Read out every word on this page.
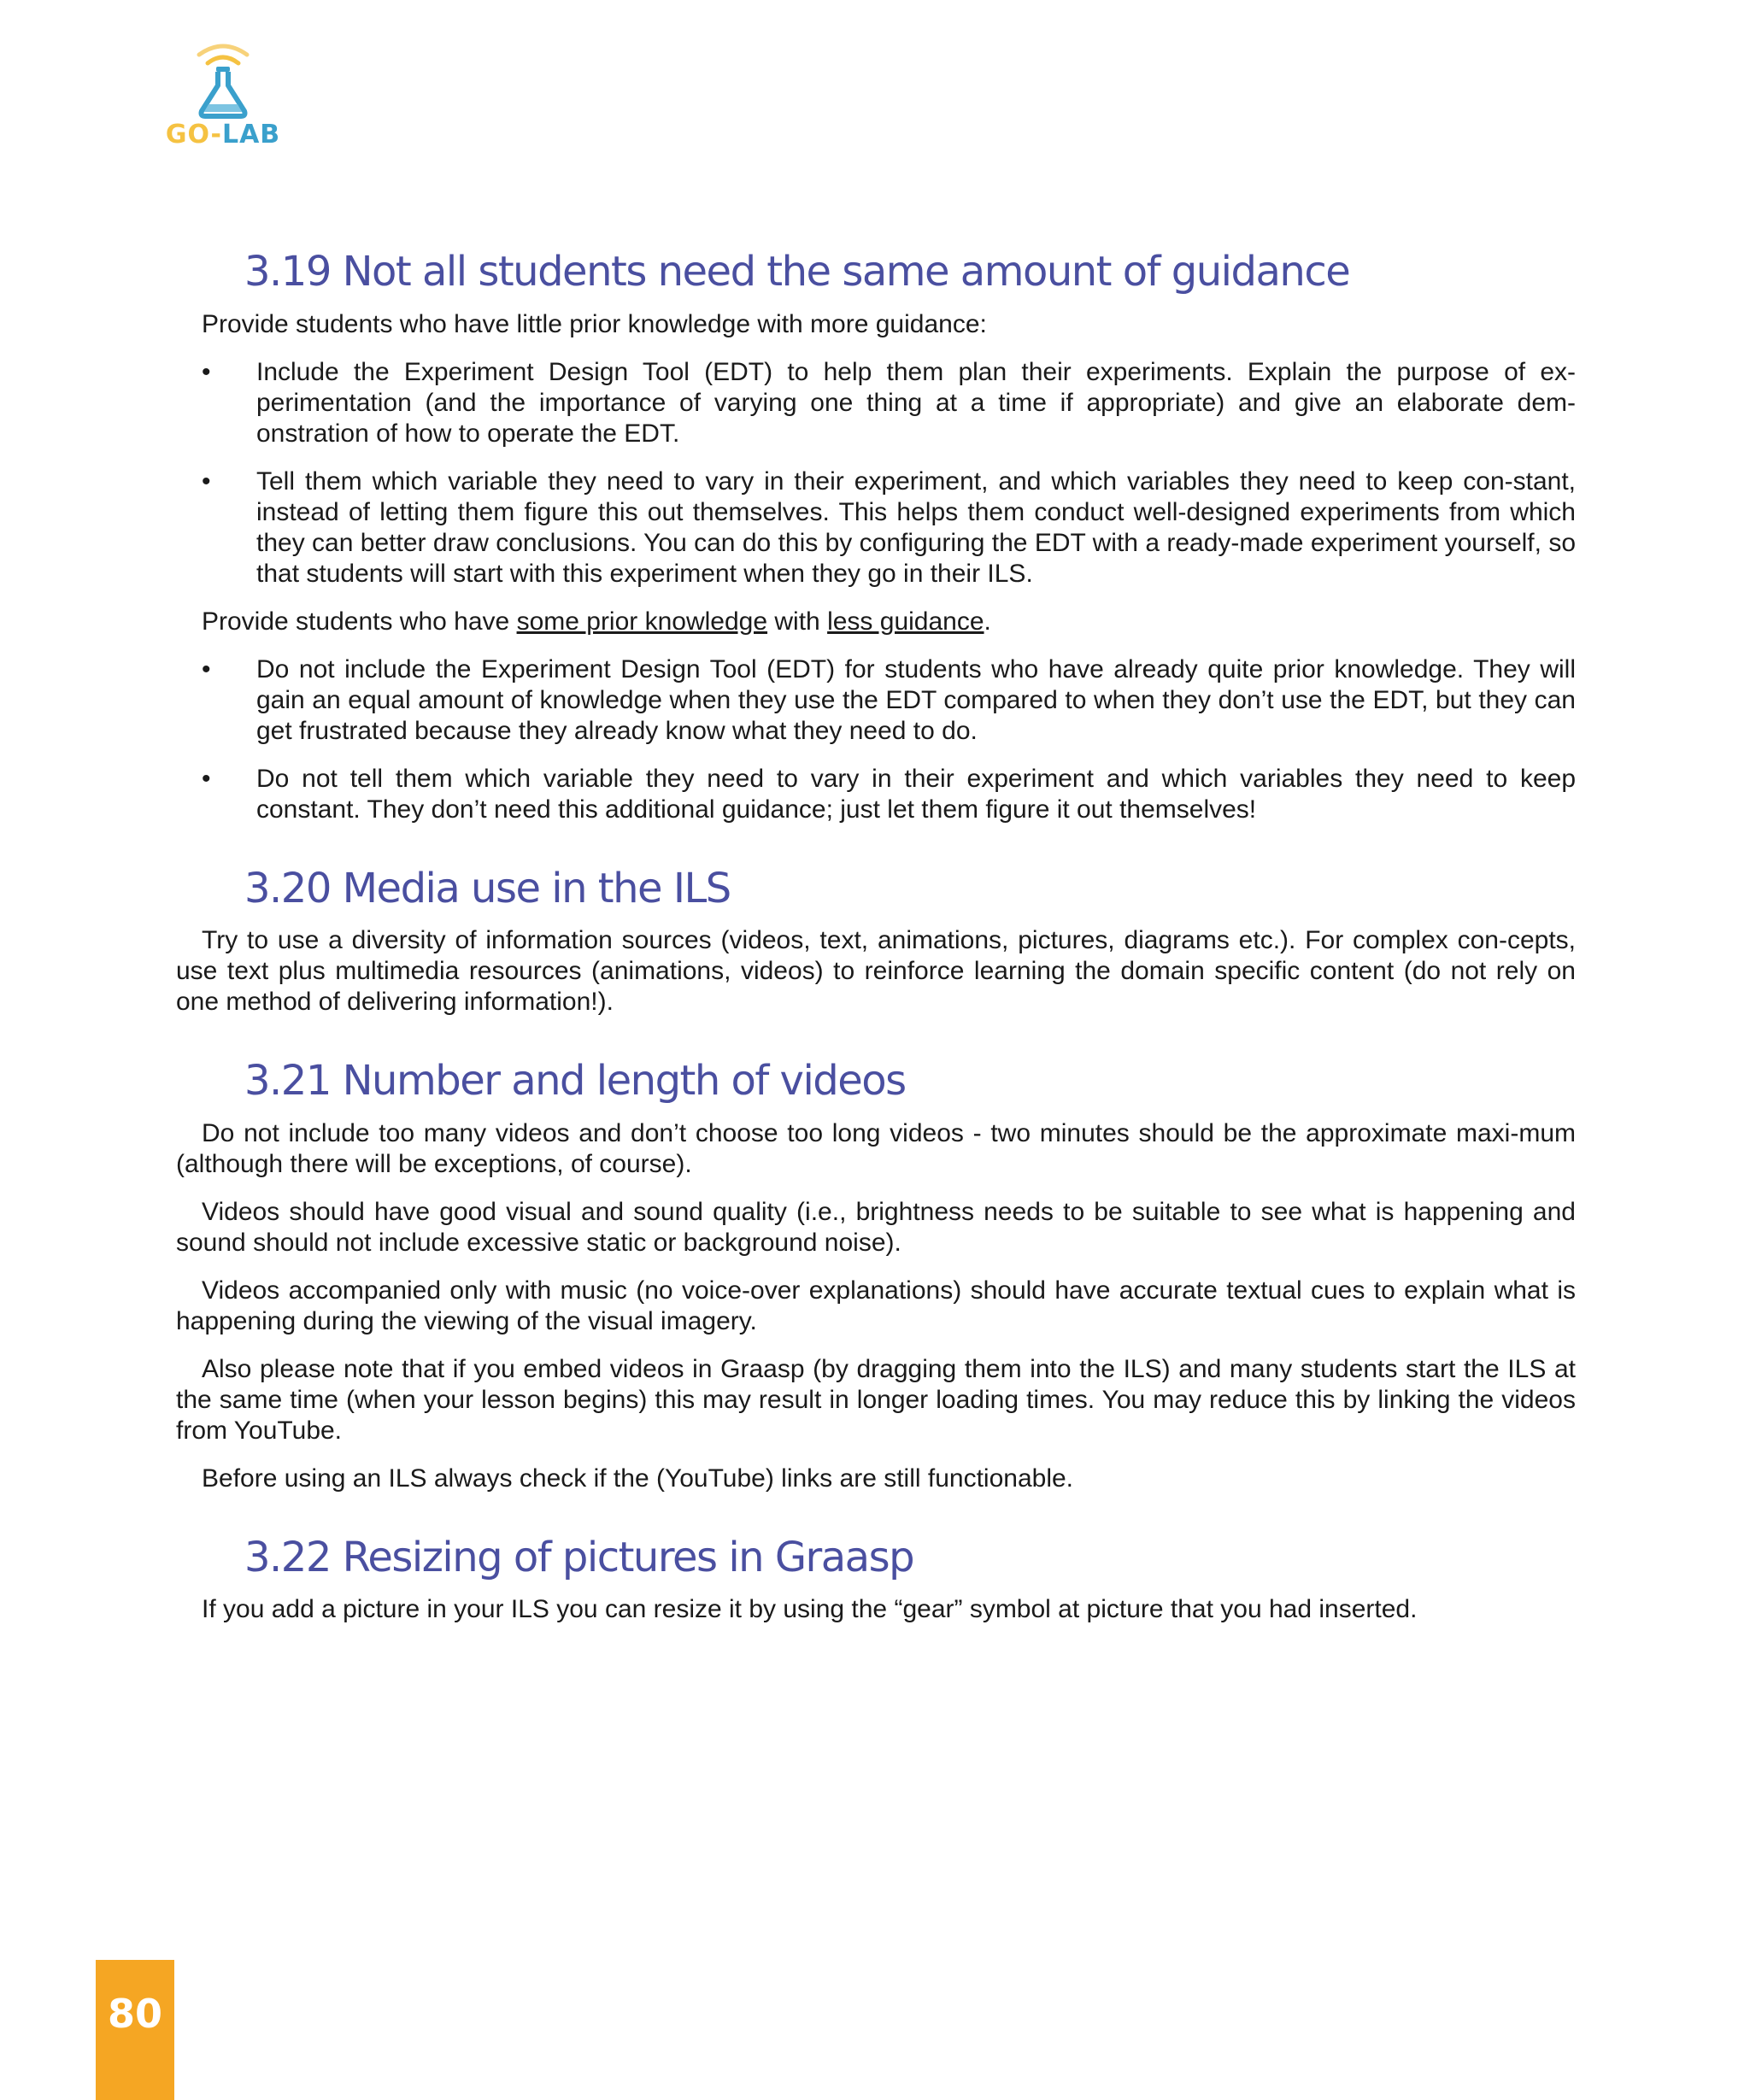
GO-LAB
3.19 Not all students need the same amount of guidance

Provide students who have little prior knowledge with more guidance:

• Include the Experiment Design Tool (EDT) to help them plan their experiments. Explain the purpose of ex-perimentation (and the importance of varying one thing at a time if appropriate) and give an elaborate dem-onstration of how to operate the EDT.
• Tell them which variable they need to vary in their experiment, and which variables they need to keep con-stant, instead of letting them figure this out themselves. This helps them conduct well-designed experiments from which they can better draw conclusions. You can do this by configuring the EDT with a ready-made experiment yourself, so that students will start with this experiment when they go in their ILS.

Provide students who have some prior knowledge with less guidance.

• Do not include the Experiment Design Tool (EDT) for students who have already quite prior knowledge. They will gain an equal amount of knowledge when they use the EDT compared to when they don’t use the EDT, but they can get frustrated because they already know what they need to do.
• Do not tell them which variable they need to vary in their experiment and which variables they need to keep constant. They don’t need this additional guidance; just let them figure it out themselves!
3.20 Media use in the ILS

Try to use a diversity of information sources (videos, text, animations, pictures, diagrams etc.). For complex con-cepts, use text plus multimedia resources (animations, videos) to reinforce learning the domain specific content (do not rely on one method of delivering information!).

3.21 Number and length of videos

Do not include too many videos and don’t choose too long videos - two minutes should be the approximate maxi-mum (although there will be exceptions, of course).

Videos should have good visual and sound quality (i.e., brightness needs to be suitable to see what is happening and sound should not include excessive static or background noise).

Videos accompanied only with music (no voice-over explanations) should have accurate textual cues to explain what is happening during the viewing of the visual imagery.

Also please note that if you embed videos in Graasp (by dragging them into the ILS) and many students start the ILS at the same time (when your lesson begins) this may result in longer loading times. You may reduce this by linking the videos from YouTube.

Before using an ILS always check if the (YouTube) links are still functionable.

3.22 Resizing of pictures in Graasp

If you add a picture in your ILS you can resize it by using the “gear” symbol at picture that you had inserted.

80
